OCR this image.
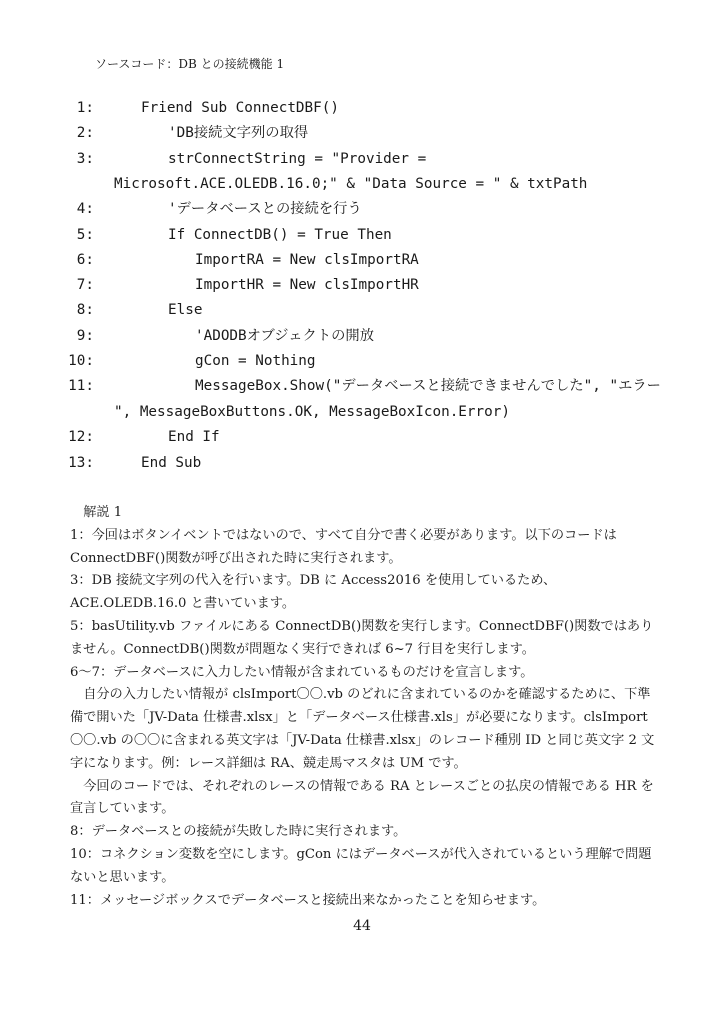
ソースコード：DB との接続機能 1
1:	Friend Sub ConnectDBF()
2:	'DB接続文字列の取得
3:	strConnectString = "Provider =
Microsoft.ACE.OLEDB.16.0;" & "Data Source = " & txtPath
4:	'データベースとの接続を行う
5:	If ConnectDB() = True Then
6:	ImportRA = New clsImportRA
7:	ImportHR = New clsImportHR
8:	Else
9:	'ADODBオブジェクトの開放
10:	gCon = Nothing
11:	MessageBox.Show("データベースと接続できませんでした", "エラー
", MessageBoxButtons.OK, MessageBoxIcon.Error)
12:	End If
13:	End Sub

解説 1

1：今回はボタンイベントではないので、すべて自分で書く必要があります。以下のコードはConnectDBF()関数が呼び出された時に実行されます。

3：DB 接続文字列の代入を行います。DB に Access2016 を使用しているため、ACE.OLEDB.16.0 と書いています。

5：basUtility.vb ファイルにある ConnectDB()関数を実行します。ConnectDBF()関数ではありません。ConnectDB()関数が問題なく実行できれば 6~7 行目を実行します。

6～7：データベースに入力したい情報が含まれているものだけを宣言します。

自分の入力したい情報が clsImport〇〇.vb のどれに含まれているのかを確認するために、下準備で開いた「JV-Data 仕様書.xlsx」と「データベース仕様書.xls」が必要になります。clsImport〇〇.vb の〇〇に含まれる英文字は「JV-Data 仕様書.xlsx」のレコード種別 ID と同じ英文字 2 文字になります。例：レース詳細は RA、競走馬マスタは UM です。

今回のコードでは、それぞれのレースの情報である RA とレースごとの払戻の情報である HR を宣言しています。

8：データベースとの接続が失敗した時に実行されます。

10：コネクション変数を空にします。gCon にはデータベースが代入されているという理解で問題ないと思います。

11：メッセージボックスでデータベースと接続出来なかったことを知らせます。

44
